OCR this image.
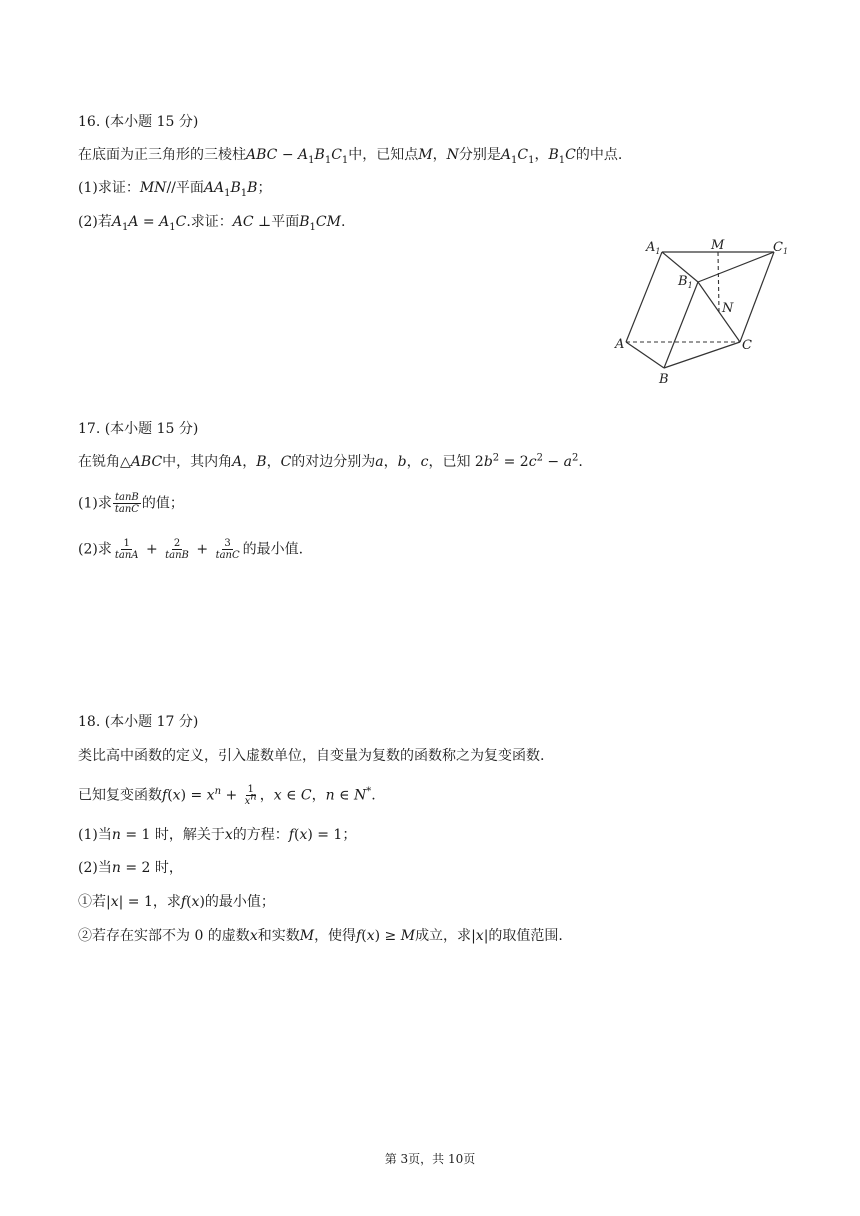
16. (本小题 15 分)
在底面为正三角形的三棱柱ABC − $A_1B_1C_1$中，已知点M，N分别是$A_1C_1$，$B_1C$的中点.
(1)求证：MN//平面$AA_1B_1B$；
(2)若$A_1A = A_1C$.求证：AC ⊥平面$B_1CM$.
$A_1$	M	$C_1$
$B_1$
N
A	C
B
17. (本小题 15 分)
在锐角△ABC中，其内角A，B，C的对边分别为a，b，c，已知 $2b^2 = 2c^2 - a^2$.
(1)求 $\frac{\tan B}{\tan C}$ 的值；
(2)求 $\frac{1}{\tan A} + \frac{2}{\tan B} + \frac{3}{\tan C}$ 的最小值.
18. (本小题 17 分)
类比高中函数的定义，引入虚数单位，自变量为复数的函数称之为复变函数.
已知复变函数$f(x) = x^n + \frac{1}{x^n}$ ，x ∈ C，n ∈ N*.
(1)当n = 1 时，解关于x的方程：f(x) = 1；
(2)当n = 2 时，
①若|x| = 1，求f(x)的最小值；
②若存在实部不为 0 的虚数x和实数M，使得f(x) ≥ M成立，求|x|的取值范围.
第 3页，共 10页
